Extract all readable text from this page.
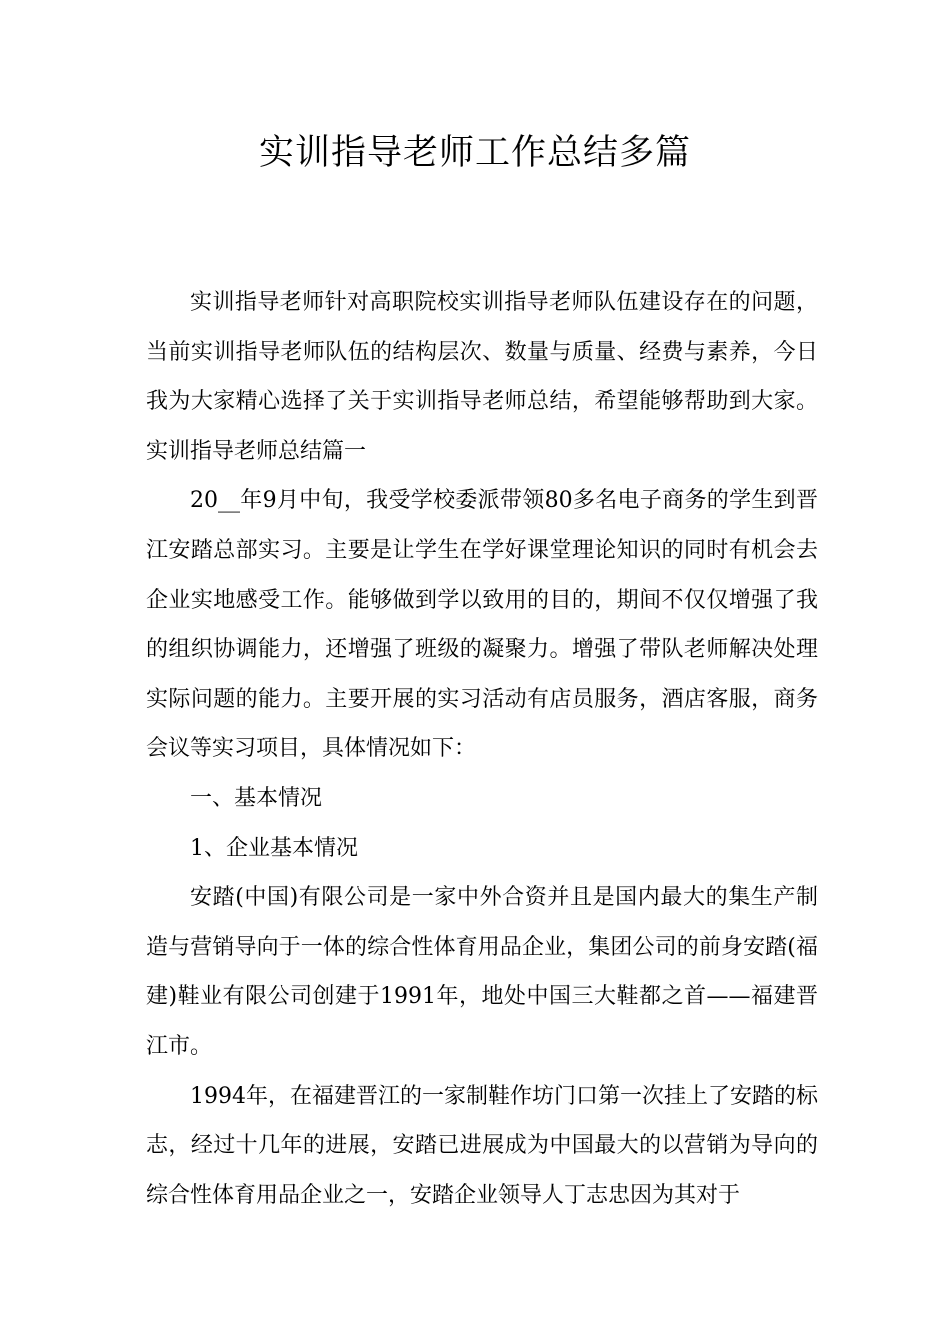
实训指导老师工作总结多篇

实训指导老师针对高职院校实训指导老师队伍建设存在的问题，当前实训指导老师队伍的结构层次、数量与质量、经费与素养，今日我为大家精心选择了关于实训指导老师总结，希望能够帮助到大家。实训指导老师总结篇一

20__年9月中旬，我受学校委派带领80多名电子商务的学生到晋江安踏总部实习。主要是让学生在学好课堂理论知识的同时有机会去企业实地感受工作。能够做到学以致用的目的，期间不仅仅增强了我的组织协调能力，还增强了班级的凝聚力。增强了带队老师解决处理实际问题的能力。主要开展的实习活动有店员服务，酒店客服，商务会议等实习项目，具体情况如下：

一、基本情况

1、企业基本情况

安踏(中国)有限公司是一家中外合资并且是国内最大的集生产制造与营销导向于一体的综合性体育用品企业，集团公司的前身安踏(福建)鞋业有限公司创建于1991年，地处中国三大鞋都之首——福建晋江市。

1994年，在福建晋江的一家制鞋作坊门口第一次挂上了安踏的标志，经过十几年的进展，安踏已进展成为中国最大的以营销为导向的综合性体育用品企业之一，安踏企业领导人丁志忠因为其对于
